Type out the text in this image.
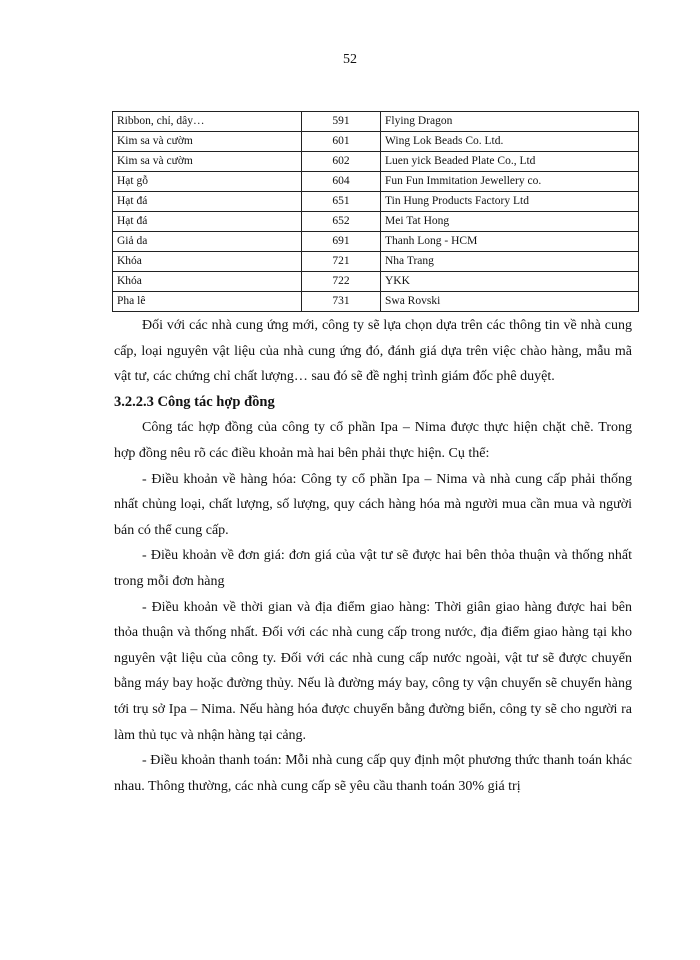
52
Ribbon, chỉ, dây…	591	Flying Dragon
Kim sa và cườm	601	Wing Lok Beads Co. Ltd.
Kim sa và cườm	602	Luen yick Beaded Plate Co., Ltd
Hạt gỗ	604	Fun Fun Immitation Jewellery co.
Hạt đá	651	Tin Hung Products Factory Ltd
Hạt đá	652	Mei Tat Hong
Giả da	691	Thanh Long - HCM
Khóa	721	Nha Trang
Khóa	722	YKK
Pha lê	731	Swa Rovski

Đối với các nhà cung ứng mới, công ty sẽ lựa chọn dựa trên các thông tin về nhà cung cấp, loại nguyên vật liệu của nhà cung ứng đó, đánh giá dựa trên việc chào hàng, mẫu mã vật tư, các chứng chỉ chất lượng… sau đó sẽ đề nghị trình giám đốc phê duyệt.

3.2.2.3 Công tác hợp đồng

Công tác hợp đồng của công ty cổ phần Ipa – Nima được thực hiện chặt chẽ. Trong hợp đồng nêu rõ các điều khoản mà hai bên phải thực hiện. Cụ thể:

- Điều khoản về hàng hóa: Công ty cổ phần Ipa – Nima và nhà cung cấp phải thống nhất chủng loại, chất lượng, số lượng, quy cách hàng hóa mà người mua cần mua và người bán có thể cung cấp.

- Điều khoản về đơn giá: đơn giá của vật tư sẽ được hai bên thỏa thuận và thống nhất trong mỗi đơn hàng

- Điều khoản về thời gian và địa điểm giao hàng: Thời giân giao hàng được hai bên thỏa thuận và thống nhất. Đối với các nhà cung cấp trong nước, địa điểm giao hàng tại kho nguyên vật liệu của công ty. Đối với các nhà cung cấp nước ngoài, vật tư sẽ được chuyển bằng máy bay hoặc đường thủy. Nếu là đường máy bay, công ty vận chuyển sẽ chuyển hàng tới trụ sở Ipa – Nima. Nếu hàng hóa được chuyển bằng đường biển, công ty sẽ cho người ra làm thủ tục và nhận hàng tại cảng.

- Điều khoản thanh toán: Mỗi nhà cung cấp quy định một phương thức thanh toán khác nhau. Thông thường, các nhà cung cấp sẽ yêu cầu thanh toán 30% giá trị
